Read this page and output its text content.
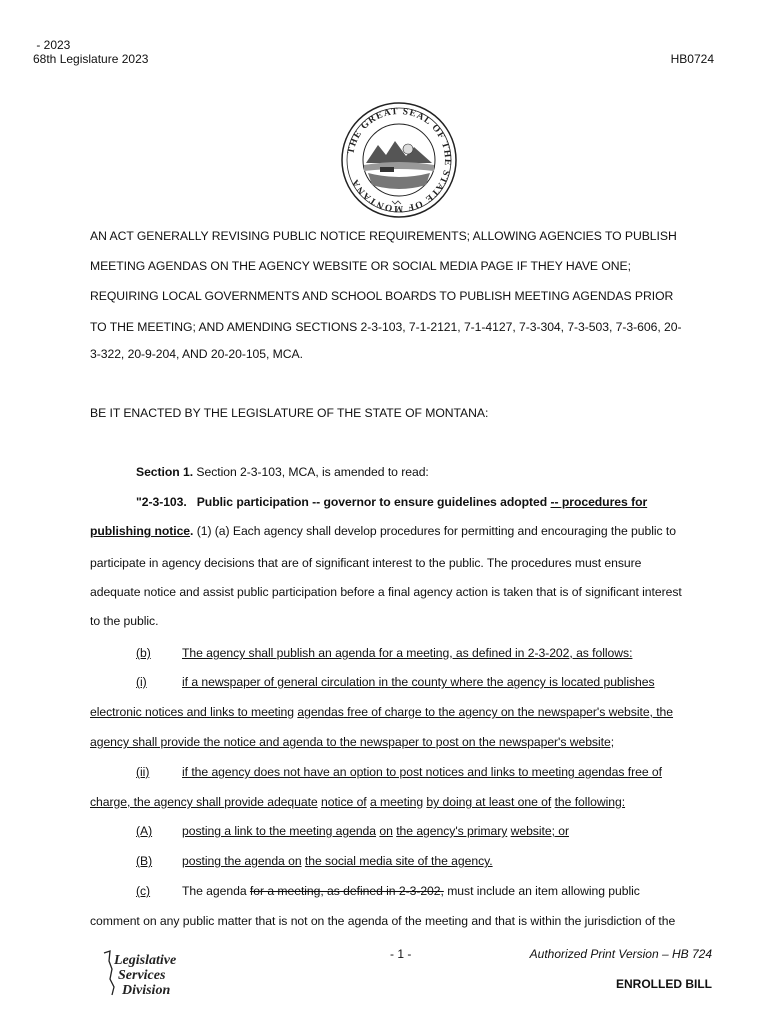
- 2023
68th Legislature 2023	HB0724
THE GREAT SEAL OF THE STATE OF MONTANA
AN ACT GENERALLY REVISING PUBLIC NOTICE REQUIREMENTS; ALLOWING AGENCIES TO PUBLISH
MEETING AGENDAS ON THE AGENCY WEBSITE OR SOCIAL MEDIA PAGE IF THEY HAVE ONE;
REQUIRING LOCAL GOVERNMENTS AND SCHOOL BOARDS TO PUBLISH MEETING AGENDAS PRIOR
TO THE MEETING; AND AMENDING SECTIONS 2-3-103, 7-1-2121, 7-1-4127, 7-3-304, 7-3-503, 7-3-606, 20-
3-322, 20-9-204, AND 20-20-105, MCA.
BE IT ENACTED BY THE LEGISLATURE OF THE STATE OF MONTANA:
Section 1. Section 2-3-103, MCA, is amended to read:
"2-3-103.   Public participation -- governor to ensure guidelines adopted -- procedures for
publishing notice. (1) (a) Each agency shall develop procedures for permitting and encouraging the public to
participate in agency decisions that are of significant interest to the public. The procedures must ensure
adequate notice and assist public participation before a final agency action is taken that is of significant interest
to the public.
(b)	The agency shall publish an agenda for a meeting, as defined in 2-3-202, as follows:
(i)	if a newspaper of general circulation in the county where the agency is located publishes
electronic notices and links to meeting agendas free of charge to the agency on the newspaper's website, the
agency shall provide the notice and agenda to the newspaper to post on the newspaper's website;
(ii)	if the agency does not have an option to post notices and links to meeting agendas free of
charge, the agency shall provide adequate notice of a meeting by doing at least one of the following:
(A) posting a link to the meeting agenda on the agency's primary website; or
(B) posting the agenda on the social media site of the agency.
(c)	The agenda for a meeting, as defined in 2-3-202, must include an item allowing public
comment on any public matter that is not on the agenda of the meeting and that is within the jurisdiction of the
Legislative
Services
Division
- 1 -	Authorized Print Version – HB 724
ENROLLED BILL
